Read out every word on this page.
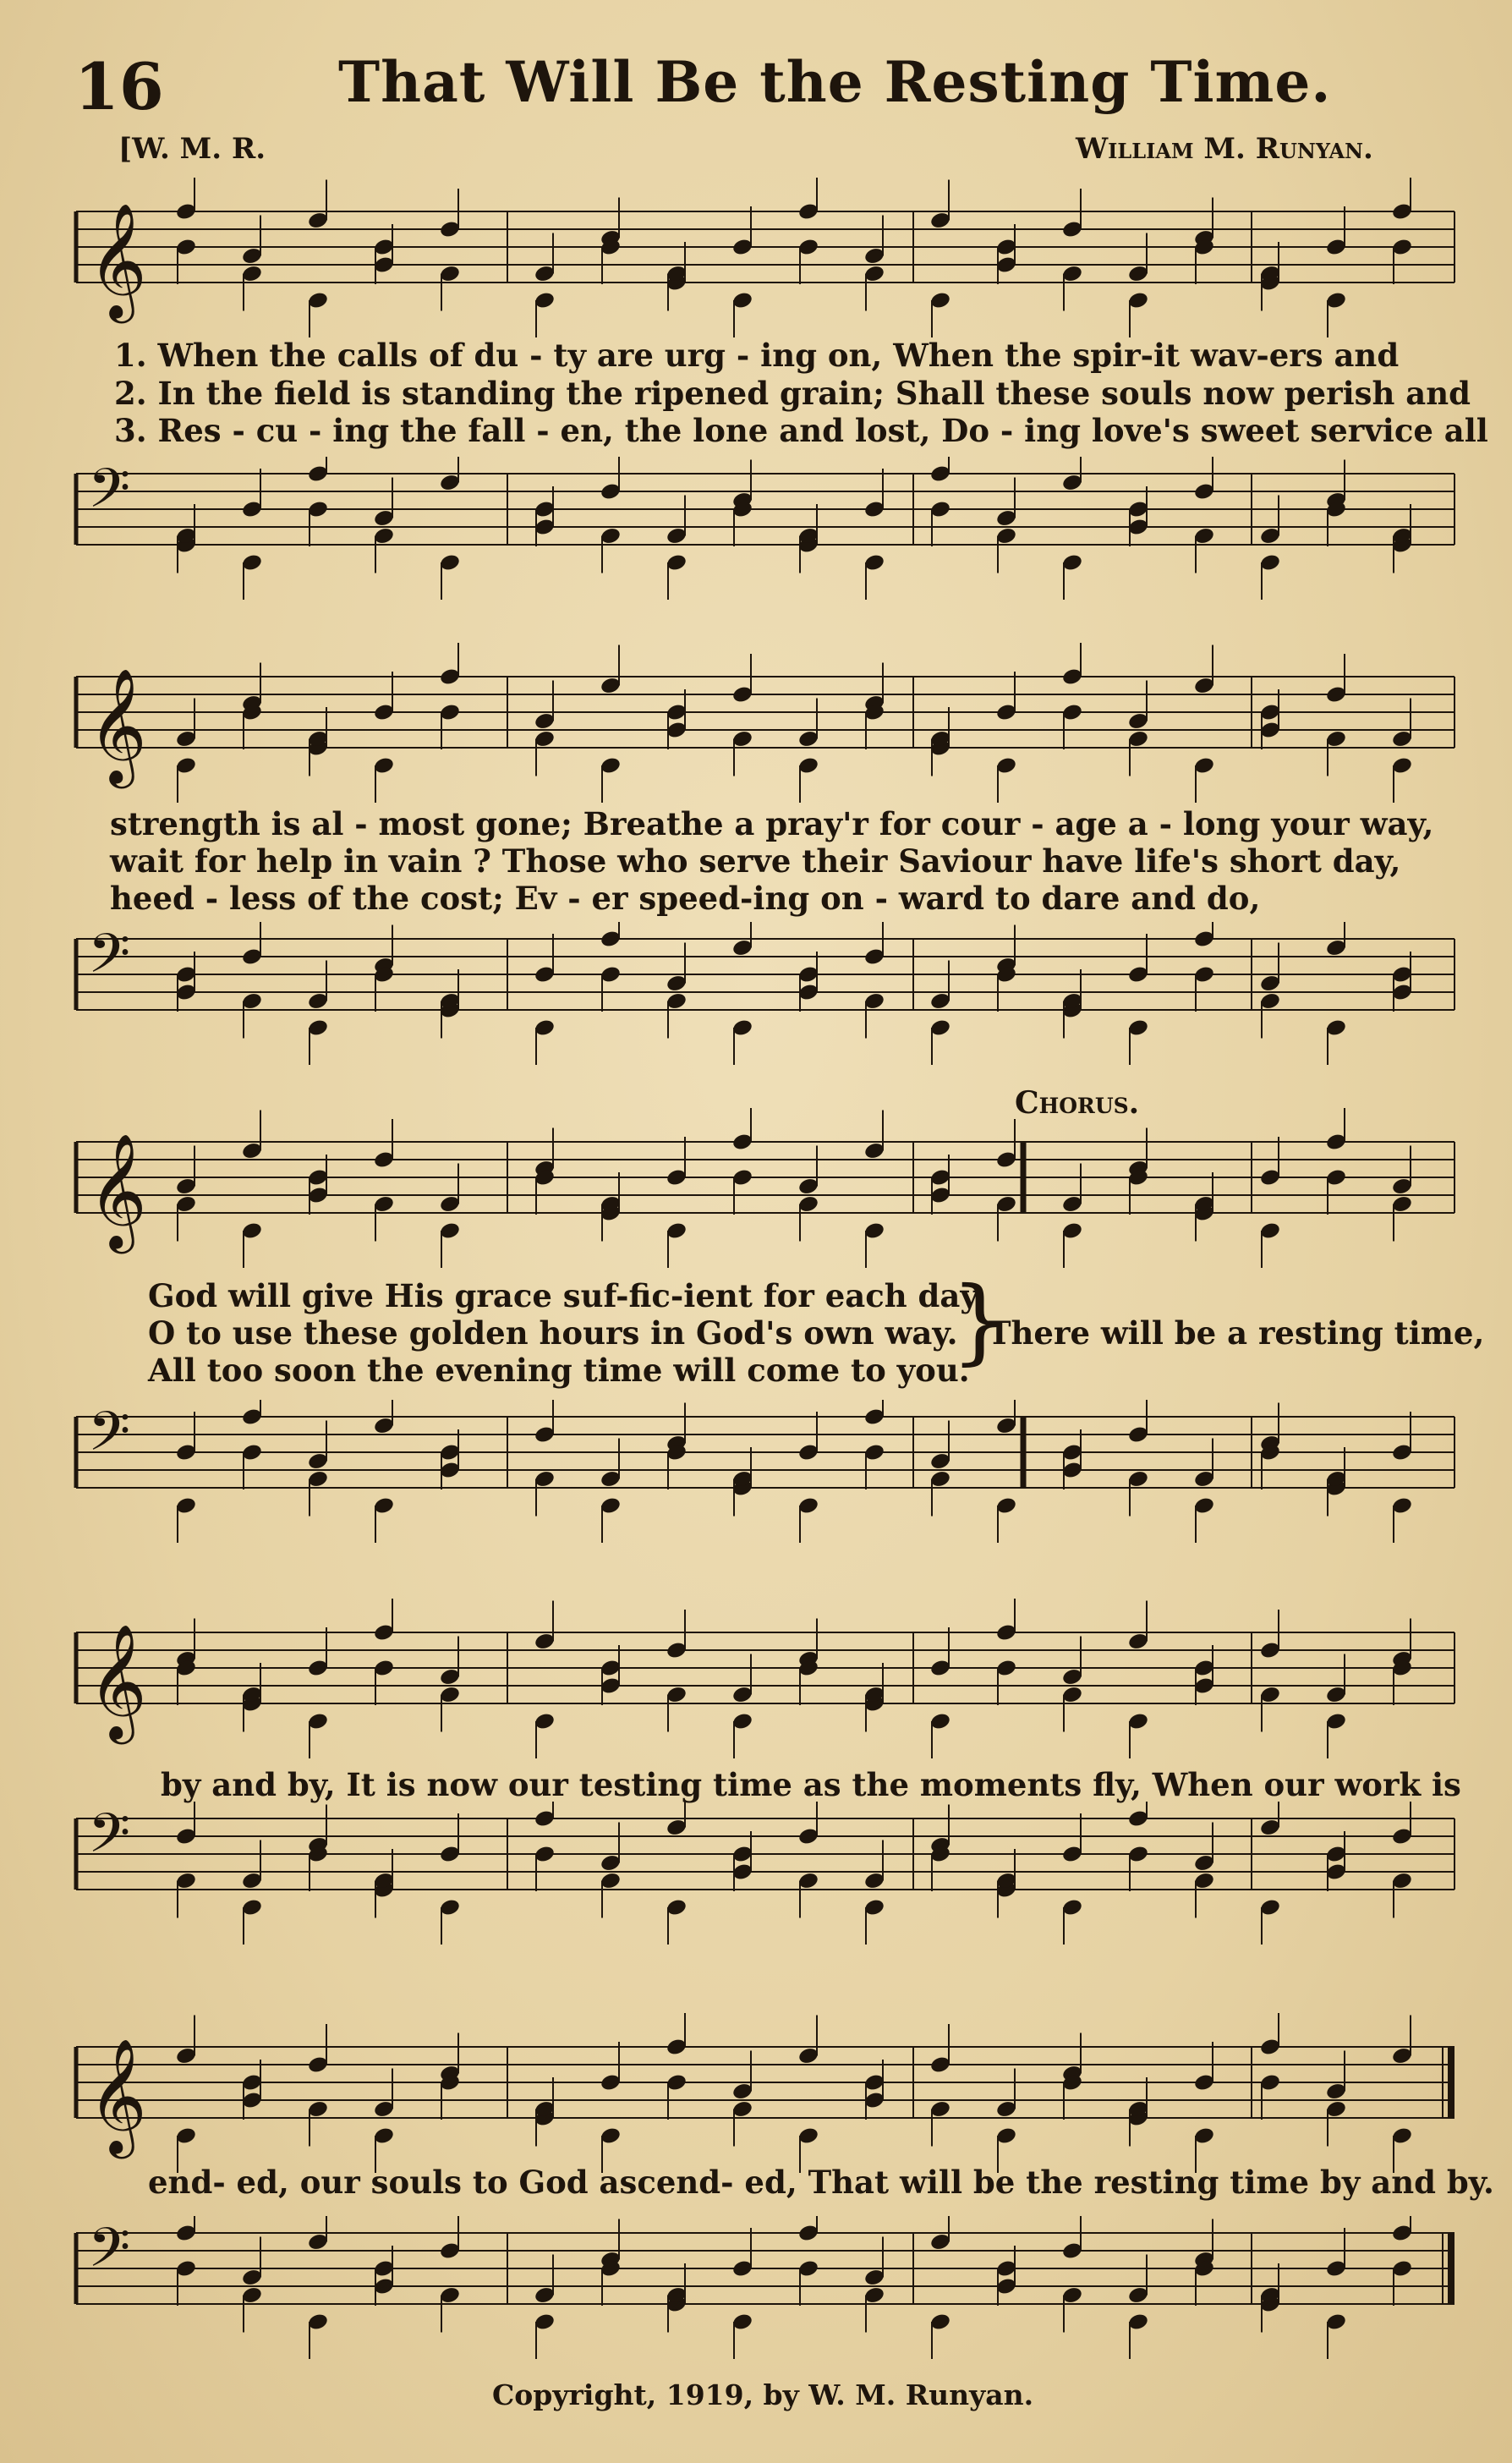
16	That Will Be the Resting Time.
[W. M. R.	William M. Runyan.
𝄞
𝄢
1. When the calls of du - ty are urg - ing on, When the spir-it wav-ers and
2. In the field is standing the ripened grain; Shall these souls now perish and
3. Res - cu - ing the fall - en, the lone and lost, Do - ing love's sweet service all
𝄞
𝄢
strength is al - most gone; Breathe a pray'r for cour - age a - long your way,
wait for help in vain ? Those who serve their Saviour have life's short day,
heed - less of the cost; Ev - er speed-ing on - ward to dare and do,
Chorus.
𝄞
𝄢
God will give His grace suf-fic-ient for each day.
O to use these golden hours in God's own way.
All too soon the evening time will come to you.
}
There will be a resting time,
𝄞
𝄢
by and by, It is now our testing time as the moments fly, When our work is
𝄞
𝄢
end- ed, our souls to God ascend- ed, That will be the resting time by and by.
Copyright, 1919, by W. M. Runyan.
